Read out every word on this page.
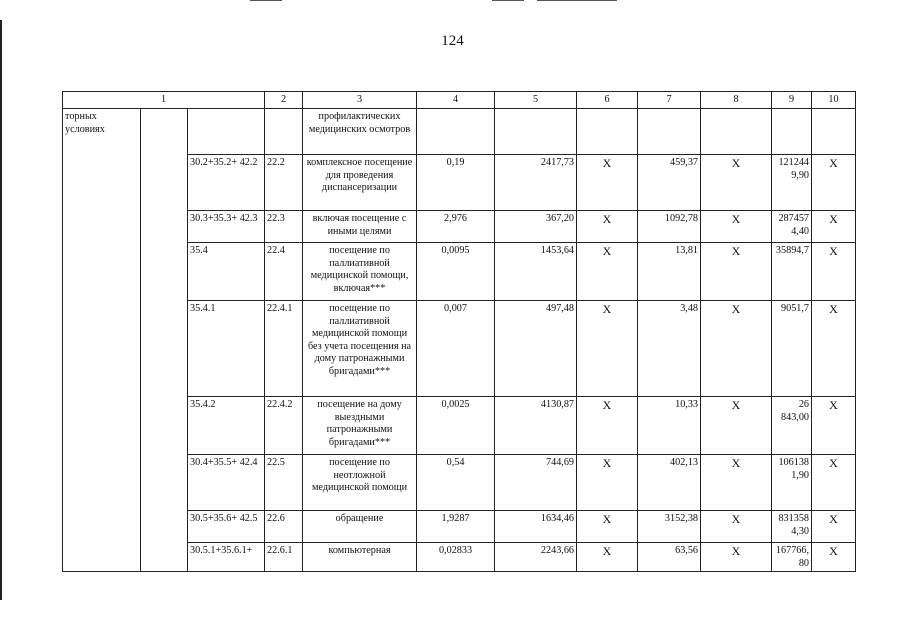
124
1			2	3	4	5	6	7	8	9	10
торных условиях				профилактических медицинских осмотров							
		30.2+35.2+ 42.2	22.2	комплексное посещение для проведения диспансеризации	0,19	2417,73	Х	459,37	Х	1212449,90	Х
		30.3+35.3+ 42.3	22.3	включая посещение с иными целями	2,976	367,20	Х	1092,78	Х	2874574,40	Х
		35.4	22.4	посещение по паллиативной медицинской помощи, включая***	0,0095	1453,64	Х	13,81	Х	35894,7	Х
		35.4.1	22.4.1	посещение по паллиативной медицинской помощи без учета посещения на дому патронажными бригадами***	0,007	497,48	Х	3,48	Х	9051,7	Х
		35.4.2	22.4.2	посещение на дому выездными патронажными бригадами***	0,0025	4130,87	Х	10,33	Х	26 843,00	Х
		30.4+35.5+ 42.4	22.5	посещение по неотложной медицинской помощи	0,54	744,69	Х	402,13	Х	1061381,90	Х
		30.5+35.6+ 42.5	22.6	обращение	1,9287	1634,46	Х	3152,38	Х	8313584,30	Х
		30.5.1+35.6.1+	22.6.1	компьютерная	0,02833	2243,66	Х	63,56	Х	167766,80	Х
